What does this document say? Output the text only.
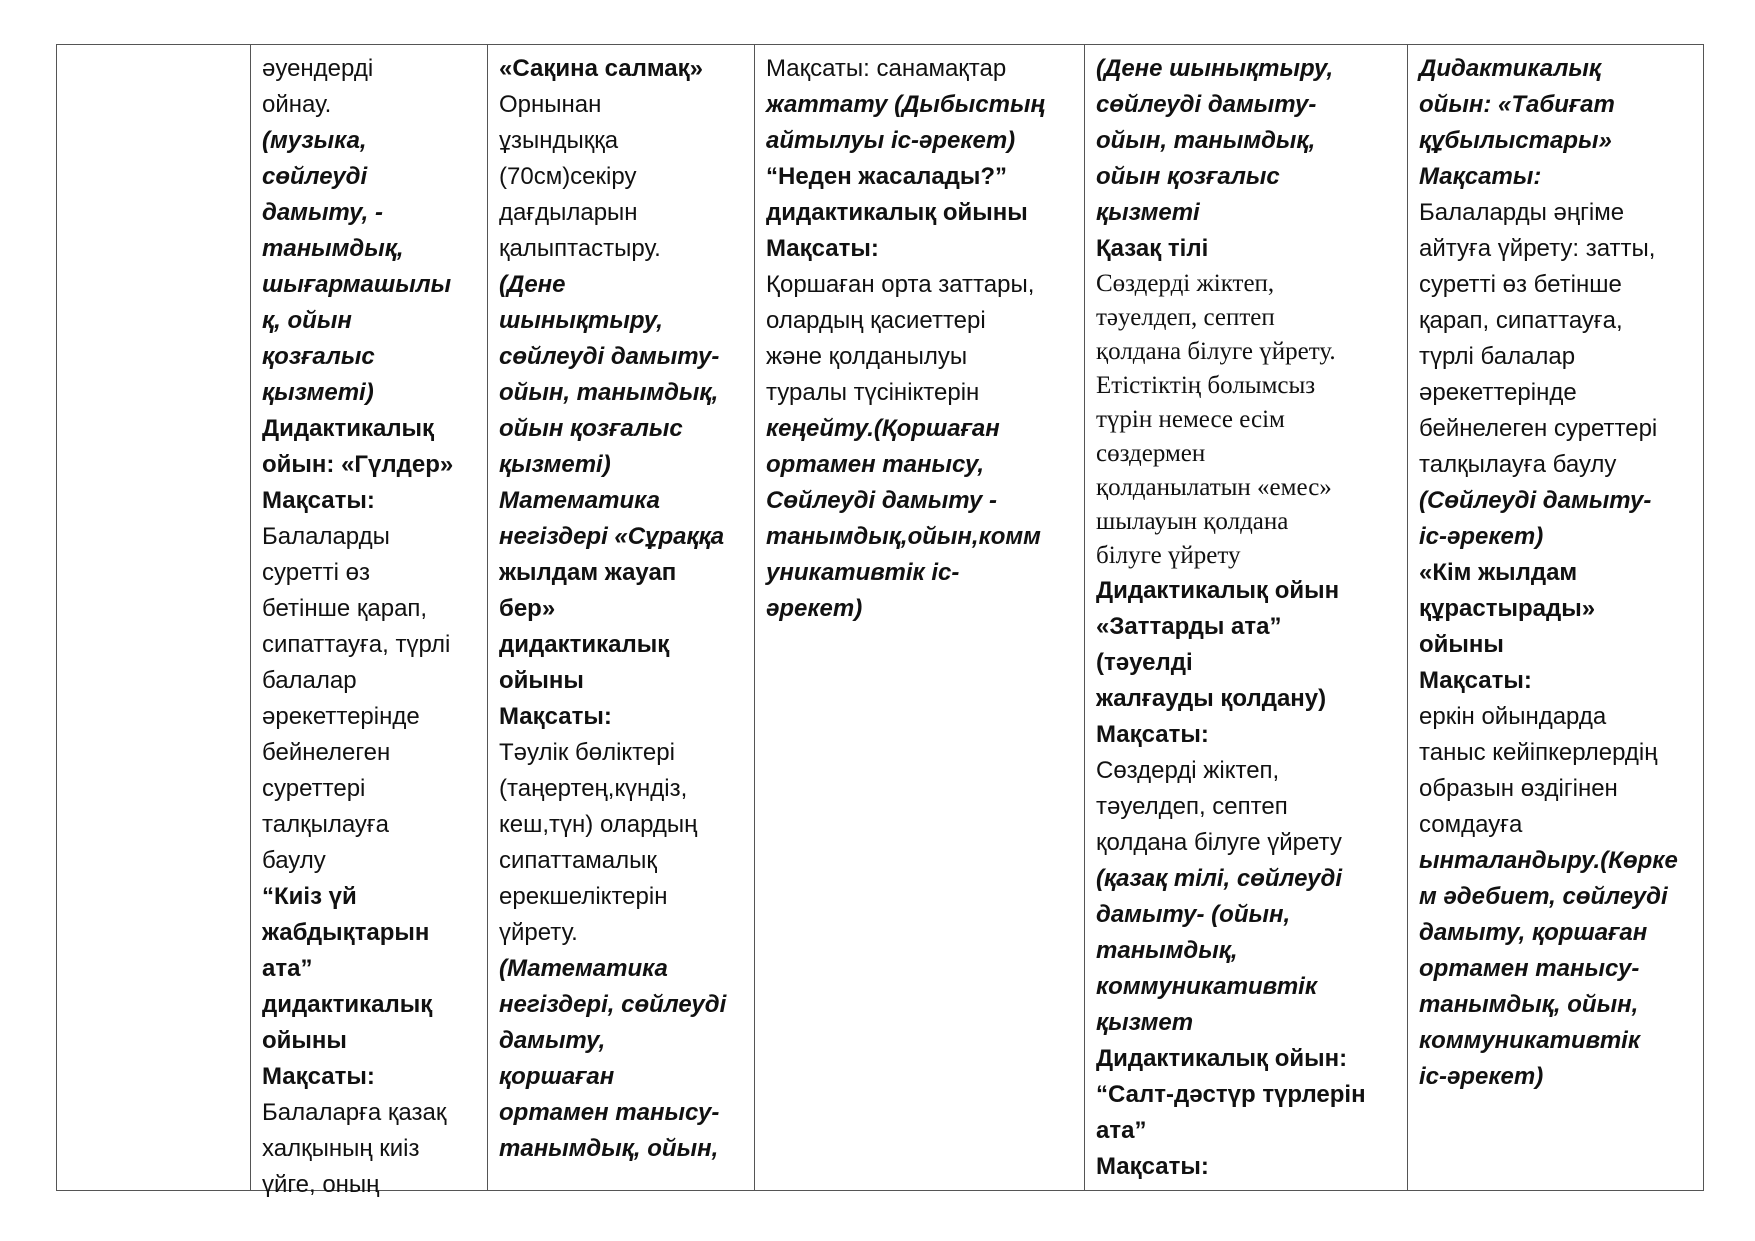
әуендерді
ойнау.
(музыка,
сөйлеуді
дамыту, -
танымдық,
шығармашылы
қ, ойын
қозғалыс
қызметі)
Дидактикалық
ойын: «Гүлдер»
Мақсаты:
Балаларды
суретті өз
бетінше қарап,
сипаттауға, түрлі
балалар
әрекеттерінде
бейнелеген
суреттері
талқылауға
баулу
“Киіз үй
жабдықтарын
ата”
дидактикалық
ойыны
Мақсаты:
Балаларға қазақ
халқының киіз
үйге, оның
«Сақина салмақ»
Орнынан
ұзындыққа
(70см)секіру
дағдыларын
қалыптастыру.
(Дене
шынықтыру,
сөйлеуді дамыту-
ойын, танымдық,
ойын қозғалыс
қызметі)
Математика
негіздері «Сұраққа
жылдам жауап
бер»
дидактикалық
ойыны
Мақсаты:
Тәулік бөліктері
(таңертең,күндіз,
кеш,түн) олардың
сипаттамалық
ерекшеліктерін
үйрету.
(Математика
негіздері, сөйлеуді
дамыту,
қоршаған
ортамен танысу-
танымдық, ойын,
Мақсаты: санамақтар
жаттату (Дыбыстың
айтылуы іс-әрекет)
“Неден жасалады?”
дидактикалық ойыны
Мақсаты:
Қоршаған орта заттары,
олардың қасиеттері
және қолданылуы
туралы түсініктерін
кеңейту.(Қоршаған
ортамен танысу,
Сөйлеуді дамыту -
танымдық,ойын,комм
уникативтік іс-
әрекет)
(Дене шынықтыру,
сөйлеуді дамыту-
ойын, танымдық,
ойын қозғалыс
қызметі
Қазақ тілі
Сөздерді жіктеп,
тәуелдеп, септеп
қолдана білуге үйрету.
Етістіктің болымсыз
түрін немесе есім
сөздермен
қолданылатын «емес»
шылауын қолдана
білуге үйрету
Дидактикалық ойын
«Заттарды ата”
(тәуелді
жалғауды қолдану)
Мақсаты:
Сөздерді жіктеп,
тәуелдеп, септеп
қолдана білуге үйрету
(қазақ тілі, сөйлеуді
дамыту- (ойын,
танымдық,
коммуникативтік
қызмет
Дидактикалық ойын:
“Салт-дәстүр түрлерін
ата”
Мақсаты:
Дидактикалық
ойын: «Табиғат
құбылыстары»
Мақсаты:
Балаларды әңгіме
айтуға үйрету: затты,
суретті өз бетінше
қарап, сипаттауға,
түрлі балалар
әрекеттерінде
бейнелеген суреттері
талқылауға баулу
(Сөйлеуді дамыту-
іс-әрекет)
«Кім жылдам
құрастырады»
ойыны
Мақсаты:
еркін ойындарда
таныс кейіпкерлердің
образын өздігінен
сомдауға
ынталандыру.(Көрке
м әдебиет, сөйлеуді
дамыту, қоршаған
ортамен танысу-
танымдық, ойын,
коммуникативтік
іс-әрекет)
